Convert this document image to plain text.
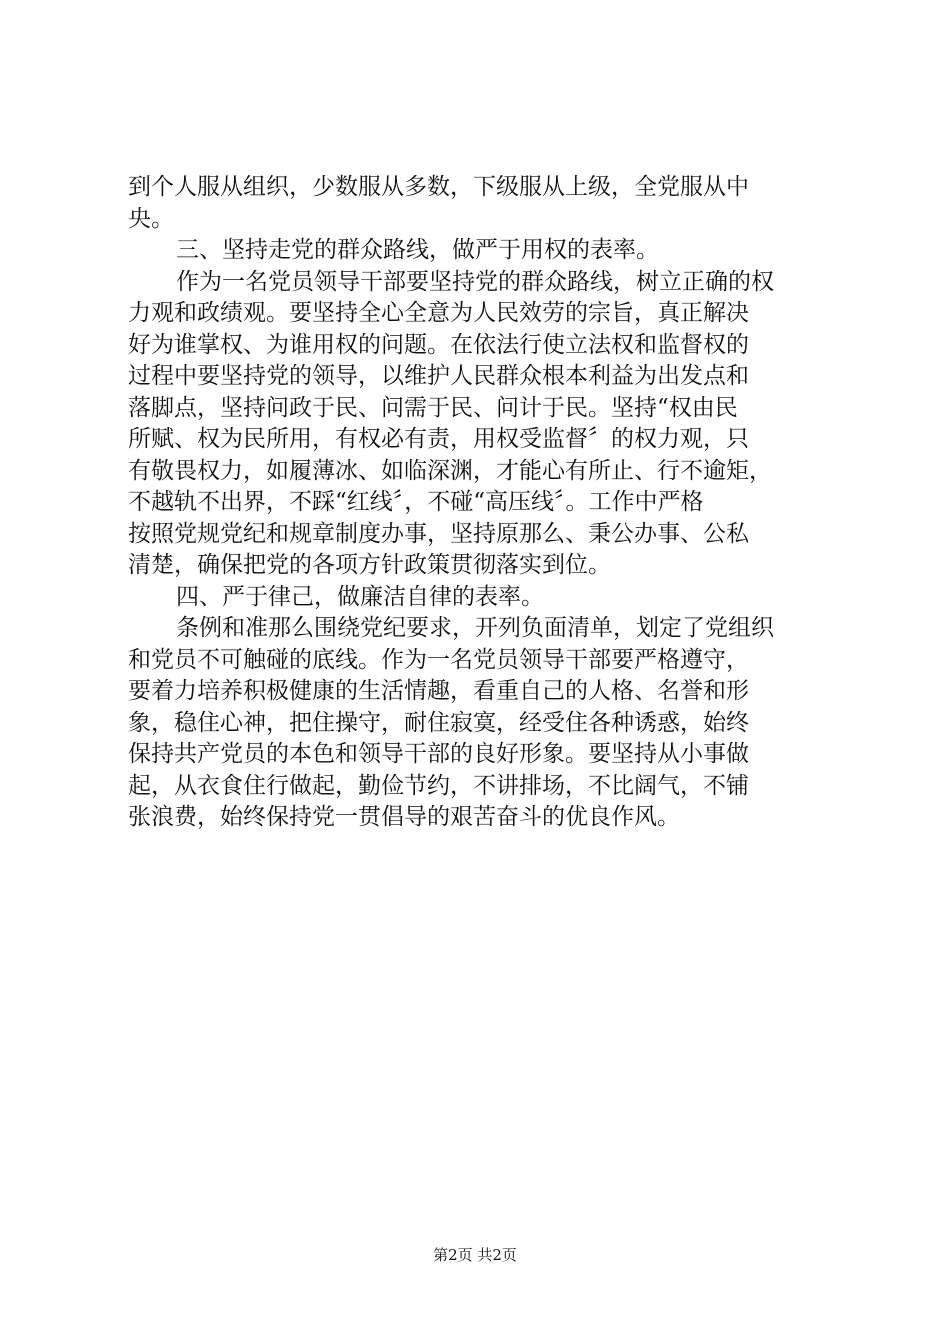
到个人服从组织，少数服从多数，下级服从上级，全党服从中
央。
三、坚持走党的群众路线，做严于用权的表率。
作为一名党员领导干部要坚持党的群众路线，树立正确的权
力观和政绩观。要坚持全心全意为人民效劳的宗旨，真正解决
好为谁掌权、为谁用权的问题。在依法行使立法权和监督权的
过程中要坚持党的领导，以维护人民群众根本利益为出发点和
落脚点，坚持问政于民、问需于民、问计于民。坚持“权由民
所赋、权为民所用，有权必有责，用权受监督〞的权力观，只
有敬畏权力，如履薄冰、如临深渊，才能心有所止、行不逾矩，
不越轨不出界，不踩“红线〞，不碰“高压线〞。工作中严格
按照党规党纪和规章制度办事，坚持原那么、秉公办事、公私
清楚，确保把党的各项方针政策贯彻落实到位。
四、严于律己，做廉洁自律的表率。
条例和准那么围绕党纪要求，开列负面清单，划定了党组织
和党员不可触碰的底线。作为一名党员领导干部要严格遵守，
要着力培养积极健康的生活情趣，看重自己的人格、名誉和形
象，稳住心神，把住操守，耐住寂寞，经受住各种诱惑，始终
保持共产党员的本色和领导干部的良好形象。要坚持从小事做
起，从衣食住行做起，勤俭节约，不讲排场，不比阔气，不铺
张浪费，始终保持党一贯倡导的艰苦奋斗的优良作风。
第2页 共2页
